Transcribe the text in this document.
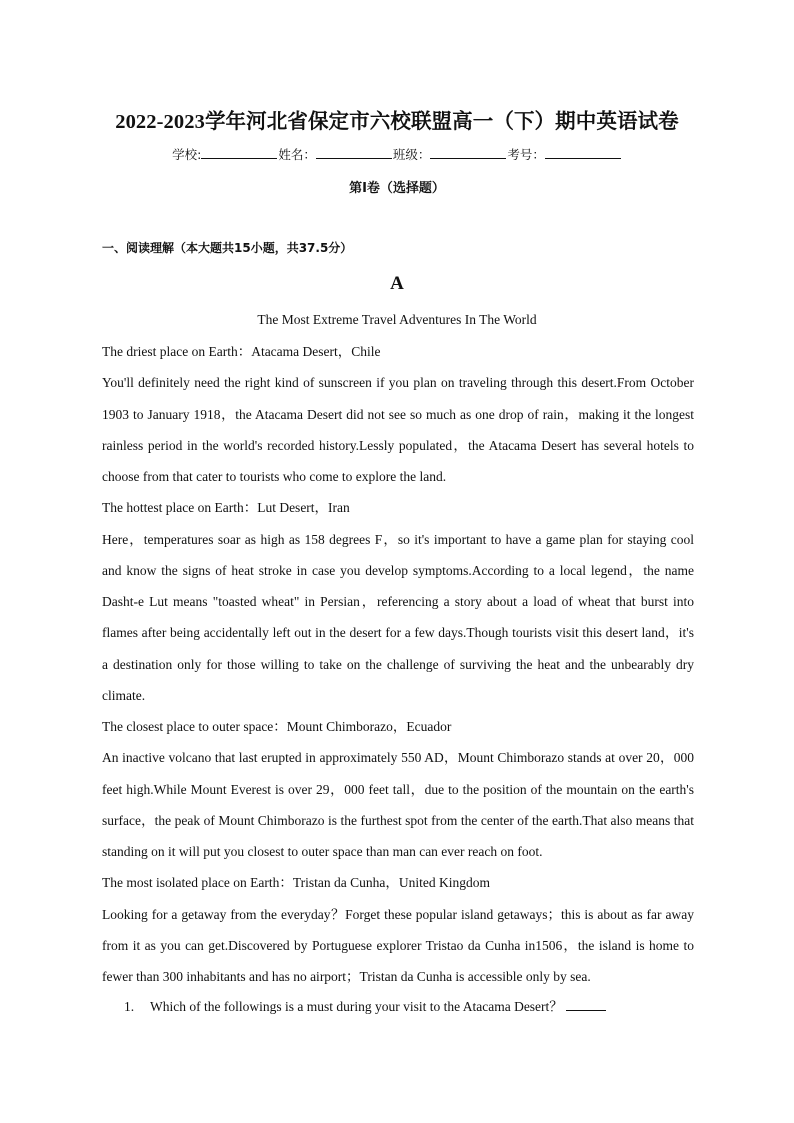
2022-2023学年河北省保定市六校联盟高一（下）期中英语试卷
学校:	姓名：	班级：	考号：
第I卷（选择题）
一、阅读理解（本大题共15小题，共37.5分）
A
The Most Extreme Travel Adventures In The World

The driest place on Earth：Atacama Desert，Chile

You'll definitely need the right kind of sunscreen if you plan on traveling through this desert.From October 1903 to January 1918，the Atacama Desert did not see so much as one drop of rain，making it the longest rainless period in the world's recorded history.Lessly populated，the Atacama Desert has several hotels to choose from that cater to tourists who come to explore the land.

The hottest place on Earth：Lut Desert，Iran

Here，temperatures soar as high as 158 degrees F，so it's important to have a game plan for staying cool and know the signs of heat stroke in case you develop symptoms.According to a local legend，the name Dasht-e Lut means "toasted wheat" in Persian，referencing a story about a load of wheat that burst into flames after being accidentally left out in the desert for a few days.Though tourists visit this desert land，it's a destination only for those willing to take on the challenge of surviving the heat and the unbearably dry climate.

The closest place to outer space：Mount Chimborazo，Ecuador

An inactive volcano that last erupted in approximately 550 AD，Mount Chimborazo stands at over 20，000 feet high.While Mount Everest is over 29，000 feet tall，due to the position of the mountain on the earth's surface，the peak of Mount Chimborazo is the furthest spot from the center of the earth.That also means that standing on it will put you closest to outer space than man can ever reach on foot.

The most isolated place on Earth：Tristan da Cunha，United Kingdom

Looking for a getaway from the everyday？Forget these popular island getaways；this is about as far away from it as you can get.Discovered by Portuguese explorer Tristao da Cunha in1506，the island is home to fewer than 300 inhabitants and has no airport；Tristan da Cunha is accessible only by sea.

1. Which of the followings is a must during your visit to the Atacama Desert？
